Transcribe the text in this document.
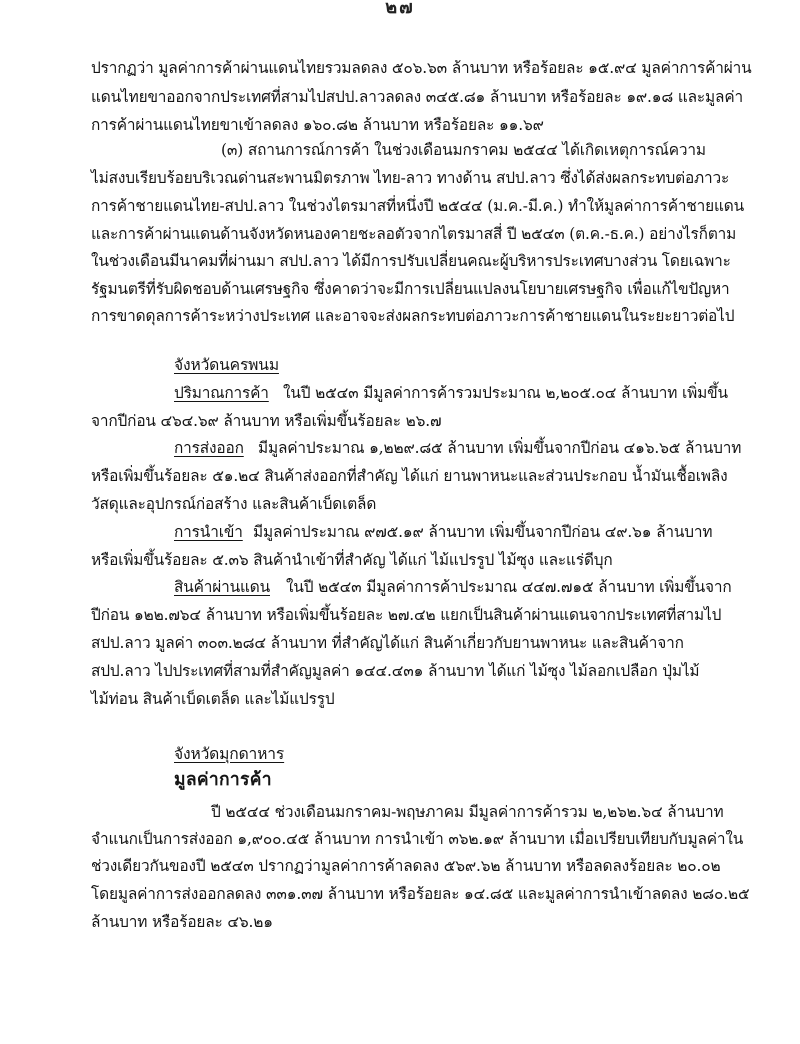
๒๗
ปรากฏว่า มูลค่าการค้าผ่านแดนไทยรวมลดลง ๕๐๖.๖๓ ล้านบาท หรือร้อยละ ๑๕.๙๔ มูลค่าการค้าผ่าน
แดนไทยขาออกจากประเทศที่สามไปสปป.ลาวลดลง ๓๔๕.๘๑ ล้านบาท หรือร้อยละ ๑๙.๑๘ และมูลค่า
การค้าผ่านแดนไทยขาเข้าลดลง ๑๖๐.๘๒ ล้านบาท หรือร้อยละ ๑๑.๖๙
(๓) สถานการณ์การค้า ในช่วงเดือนมกราคม ๒๕๔๔ ได้เกิดเหตุการณ์ความ
ไม่สงบเรียบร้อยบริเวณด่านสะพานมิตรภาพ ไทย-ลาว ทางด้าน สปป.ลาว ซึ่งได้ส่งผลกระทบต่อภาวะ
การค้าชายแดนไทย-สปป.ลาว ในช่วงไตรมาสที่หนึ่งปี ๒๕๔๔ (ม.ค.-มี.ค.) ทำให้มูลค่าการค้าชายแดน
และการค้าผ่านแดนด้านจังหวัดหนองคายชะลอตัวจากไตรมาสสี่ ปี ๒๕๔๓ (ต.ค.-ธ.ค.) อย่างไรก็ตาม
ในช่วงเดือนมีนาคมที่ผ่านมา สปป.ลาว ได้มีการปรับเปลี่ยนคณะผู้บริหารประเทศบางส่วน โดยเฉพาะ
รัฐมนตรีที่รับผิดชอบด้านเศรษฐกิจ ซึ่งคาดว่าจะมีการเปลี่ยนแปลงนโยบายเศรษฐกิจ เพื่อแก้ไขปัญหา
การขาดดุลการค้าระหว่างประเทศ และอาจจะส่งผลกระทบต่อภาวะการค้าชายแดนในระยะยาวต่อไป
จังหวัดนครพนม
ปริมาณการค้า ในปี ๒๕๔๓ มีมูลค่าการค้ารวมประมาณ ๒,๒๐๕.๐๔ ล้านบาท เพิ่มขึ้น
จากปีก่อน ๔๖๔.๖๙ ล้านบาท หรือเพิ่มขึ้นร้อยละ ๒๖.๗
การส่งออก มีมูลค่าประมาณ ๑,๒๒๙.๘๕ ล้านบาท เพิ่มขึ้นจากปีก่อน ๔๑๖.๖๕ ล้านบาท
หรือเพิ่มขึ้นร้อยละ ๕๑.๒๔ สินค้าส่งออกที่สำคัญ ได้แก่ ยานพาหนะและส่วนประกอบ น้ำมันเชื้อเพลิง
วัสดุและอุปกรณ์ก่อสร้าง และสินค้าเบ็ดเตล็ด
การนำเข้า มีมูลค่าประมาณ ๙๗๕.๑๙ ล้านบาท เพิ่มขึ้นจากปีก่อน ๔๙.๖๑ ล้านบาท
หรือเพิ่มขึ้นร้อยละ ๕.๓๖ สินค้านำเข้าที่สำคัญ ได้แก่ ไม้แปรรูป ไม้ซุง และแร่ดีบุก
สินค้าผ่านแดน ในปี ๒๕๔๓ มีมูลค่าการค้าประมาณ ๔๔๗.๗๑๕ ล้านบาท เพิ่มขึ้นจาก
ปีก่อน ๑๒๒.๗๖๔ ล้านบาท หรือเพิ่มขึ้นร้อยละ ๒๗.๔๒ แยกเป็นสินค้าผ่านแดนจากประเทศที่สามไป
สปป.ลาว มูลค่า ๓๐๓.๒๘๔ ล้านบาท ที่สำคัญได้แก่ สินค้าเกี่ยวกับยานพาหนะ และสินค้าจาก
สปป.ลาว ไปประเทศที่สามที่สำคัญมูลค่า ๑๔๔.๔๓๑ ล้านบาท ได้แก่ ไม้ซุง ไม้ลอกเปลือก ปุ่มไม้
ไม้ท่อน สินค้าเบ็ดเตล็ด และไม้แปรรูป
จังหวัดมุกดาหาร
มูลค่าการค้า
ปี ๒๕๔๔ ช่วงเดือนมกราคม-พฤษภาคม มีมูลค่าการค้ารวม ๒,๒๖๒.๖๔ ล้านบาท
จำแนกเป็นการส่งออก ๑,๙๐๐.๔๕ ล้านบาท การนำเข้า ๓๖๒.๑๙ ล้านบาท เมื่อเปรียบเทียบกับมูลค่าใน
ช่วงเดียวกันของปี ๒๕๔๓ ปรากฏว่ามูลค่าการค้าลดลง ๕๖๙.๖๒ ล้านบาท หรือลดลงร้อยละ ๒๐.๐๒
โดยมูลค่าการส่งออกลดลง ๓๓๑.๓๗ ล้านบาท หรือร้อยละ ๑๔.๘๕ และมูลค่าการนำเข้าลดลง ๒๘๐.๒๕
ล้านบาท หรือร้อยละ ๔๖.๒๑
